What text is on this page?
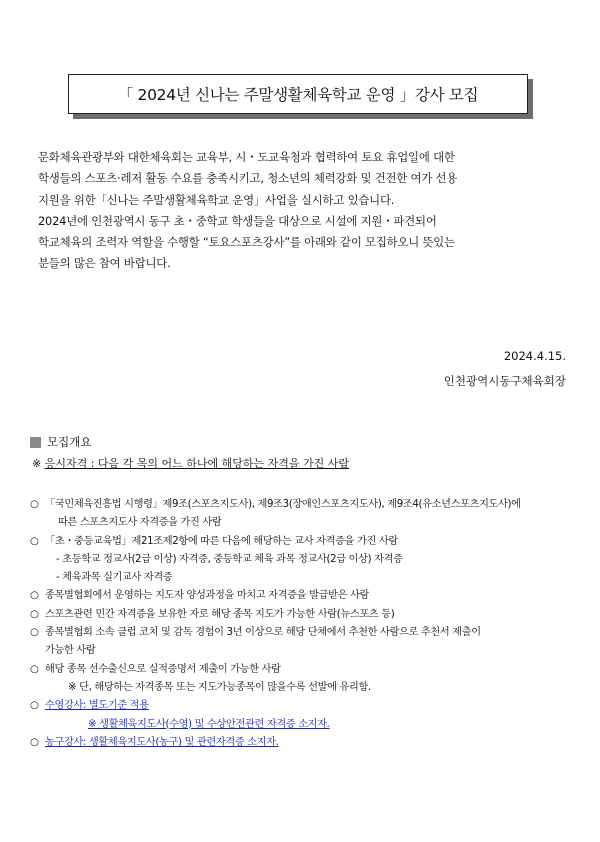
「 2024년 신나는 주말생활체육학교 운영 」강사 모집
문화체육관광부와 대한체육회는 교육부, 시・도교육청과 협력하여 토요 휴업일에 대한
학생들의 스포츠·레저 활동 수요를 충족시키고, 청소년의 체력강화 및 건전한 여가 선용
지원을 위한「신나는 주말생활체육학교 운영」사업을 실시하고 있습니다.
2024년에 인천광역시 동구 초・중학교 학생들을 대상으로 시설에 지원・파견되어
학교체육의 조력자 역할을 수행할 “토요스포츠강사”를 아래와 같이 모집하오니 뜻있는
분들의 많은 참여 바랍니다.
2024.4.15.
인천광역시동구체육회장
모집개요
※ 응시자격 : 다음 각 목의 어느 하나에 해당하는 자격을 가진 사람
○ 「국민체육진흥법 시행령」제9조(스포츠지도사), 제9조3(장애인스포츠지도사), 제9조4(유소년스포츠지도사)에
따른 스포츠지도사 자격증을 가진 사람
○ 「초・중등교육법」제21조제2항에 따른 다음에 해당하는 교사 자격증을 가진 사람
- 초등학교 정교사(2급 이상) 자격증, 중등학교 체육 과목 정교사(2급 이상) 자격증
- 체육과목 실기교사 자격증
○ 종목별협회에서 운영하는 지도자 양성과정을 마치고 자격증을 발급받은 사람
○ 스포츠관련 민간 자격증을 보유한 자로 해당 종목 지도가 가능한 사람(뉴스포츠 등)
○ 종목별협회 소속 클럽 코치 및 감독 경험이 3년 이상으로 해당 단체에서 추천한 사람으로 추천서 제출이
가능한 사람
○ 해당 종목 선수출신으로 실적증명서 제출이 가능한 사람
※ 단, 해당하는 자격종목 또는 지도가능종목이 많을수록 선발에 유리함.
○ 수영강사: 별도기준 적용
※ 생활체육지도사(수영) 및 수상안전관련 자격증 소지자.
○ 농구강사: 생활체육지도사(농구) 및 관련자격증 소지자.
